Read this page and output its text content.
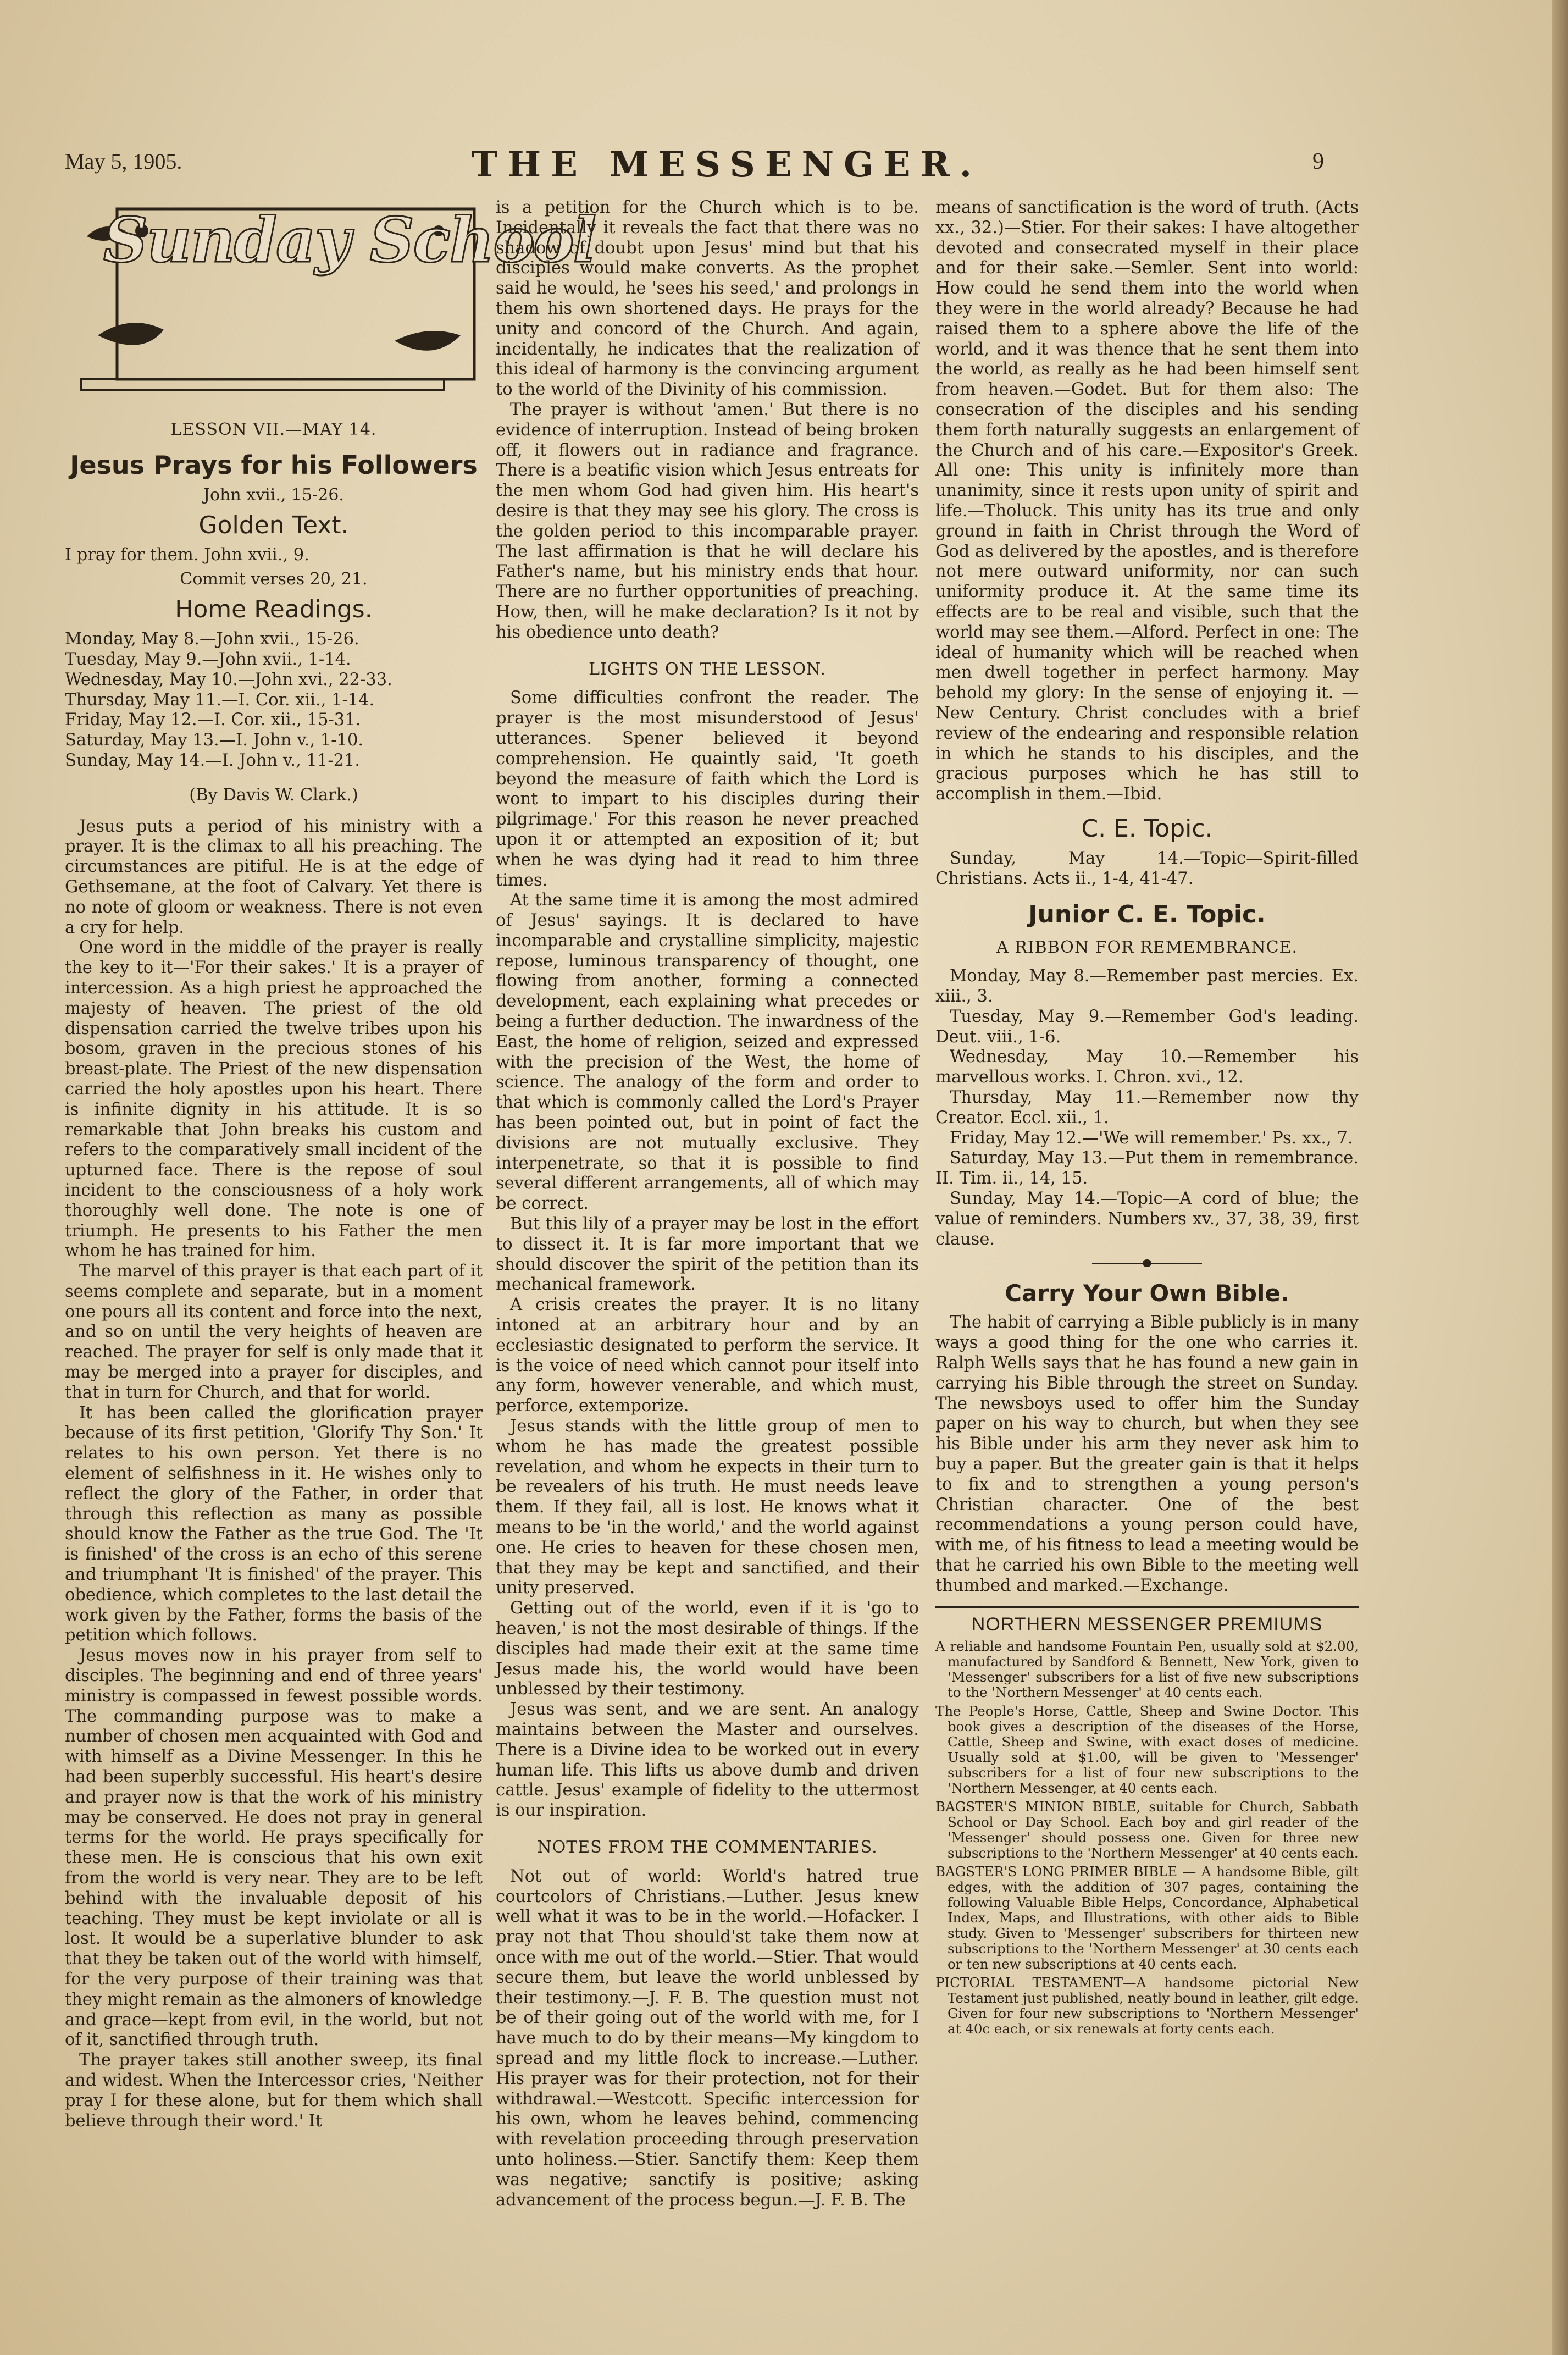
May 5, 1905.	THE MESSENGER.	9
Sunday School
LESSON VII.—MAY 14.
Jesus Prays for his Followers
John xvii., 15-26.
Golden Text.

I pray for them. John xvii., 9.

Commit verses 20, 21.
Home Readings.
Monday, May 8.—John xvii., 15-26.
Tuesday, May 9.—John xvii., 1-14.
Wednesday, May 10.—John xvi., 22-33.
Thursday, May 11.—I. Cor. xii., 1-14.
Friday, May 12.—I. Cor. xii., 15-31.
Saturday, May 13.—I. John v., 1-10.
Sunday, May 14.—I. John v., 11-21.
(By Davis W. Clark.)

Jesus puts a period of his ministry with a prayer. It is the climax to all his preaching. The circumstances are pitiful. He is at the edge of Gethsemane, at the foot of Calvary. Yet there is no note of gloom or weakness. There is not even a cry for help.

One word in the middle of the prayer is really the key to it—'For their sakes.' It is a prayer of intercession. As a high priest he approached the majesty of heaven. The priest of the old dispensation carried the twelve tribes upon his bosom, graven in the precious stones of his breast-plate. The Priest of the new dispensation carried the holy apostles upon his heart. There is infinite dignity in his attitude. It is so remarkable that John breaks his custom and refers to the comparatively small incident of the upturned face. There is the repose of soul incident to the consciousness of a holy work thoroughly well done. The note is one of triumph. He presents to his Father the men whom he has trained for him.

The marvel of this prayer is that each part of it seems complete and separate, but in a moment one pours all its content and force into the next, and so on until the very heights of heaven are reached. The prayer for self is only made that it may be merged into a prayer for disciples, and that in turn for Church, and that for world.

It has been called the glorification prayer because of its first petition, 'Glorify Thy Son.' It relates to his own person. Yet there is no element of selfishness in it. He wishes only to reflect the glory of the Father, in order that through this reflection as many as possible should know the Father as the true God. The 'It is finished' of the cross is an echo of this serene and triumphant 'It is finished' of the prayer. This obedience, which completes to the last detail the work given by the Father, forms the basis of the petition which follows.

Jesus moves now in his prayer from self to disciples. The beginning and end of three years' ministry is compassed in fewest possible words. The commanding purpose was to make a number of chosen men acquainted with God and with himself as a Divine Messenger. In this he had been superbly successful. His heart's desire and prayer now is that the work of his ministry may be conserved. He does not pray in general terms for the world. He prays specifically for these men. He is conscious that his own exit from the world is very near. They are to be left behind with the invaluable deposit of his teaching. They must be kept inviolate or all is lost. It would be a superlative blunder to ask that they be taken out of the world with himself, for the very purpose of their training was that they might remain as the almoners of knowledge and grace—kept from evil, in the world, but not of it, sanctified through truth.

The prayer takes still another sweep, its final and widest. When the Intercessor cries, 'Neither pray I for these alone, but for them which shall believe through their word.' It

is a petition for the Church which is to be. Incidentally it reveals the fact that there was no shadow of doubt upon Jesus' mind but that his disciples would make converts. As the prophet said he would, he 'sees his seed,' and prolongs in them his own shortened days. He prays for the unity and concord of the Church. And again, incidentally, he indicates that the realization of this ideal of harmony is the convincing argument to the world of the Divinity of his commission.

The prayer is without 'amen.' But there is no evidence of interruption. Instead of being broken off, it flowers out in radiance and fragrance. There is a beatific vision which Jesus entreats for the men whom God had given him. His heart's desire is that they may see his glory. The cross is the golden period to this incomparable prayer. The last affirmation is that he will declare his Father's name, but his ministry ends that hour. There are no further opportunities of preaching. How, then, will he make declaration? Is it not by his obedience unto death?

LIGHTS ON THE LESSON.

Some difficulties confront the reader. The prayer is the most misunderstood of Jesus' utterances. Spener believed it beyond comprehension. He quaintly said, 'It goeth beyond the measure of faith which the Lord is wont to impart to his disciples during their pilgrimage.' For this reason he never preached upon it or attempted an exposition of it; but when he was dying had it read to him three times.

At the same time it is among the most admired of Jesus' sayings. It is declared to have incomparable and crystalline simplicity, majestic repose, luminous transparency of thought, one flowing from another, forming a connected development, each explaining what precedes or being a further deduction. The inwardness of the East, the home of religion, seized and expressed with the precision of the West, the home of science. The analogy of the form and order to that which is commonly called the Lord's Prayer has been pointed out, but in point of fact the divisions are not mutually exclusive. They interpenetrate, so that it is possible to find several different arrangements, all of which may be correct.

But this lily of a prayer may be lost in the effort to dissect it. It is far more important that we should discover the spirit of the petition than its mechanical framework.

A crisis creates the prayer. It is no litany intoned at an arbitrary hour and by an ecclesiastic designated to perform the service. It is the voice of need which cannot pour itself into any form, however venerable, and which must, perforce, extemporize.

Jesus stands with the little group of men to whom he has made the greatest possible revelation, and whom he expects in their turn to be revealers of his truth. He must needs leave them. If they fail, all is lost. He knows what it means to be 'in the world,' and the world against one. He cries to heaven for these chosen men, that they may be kept and sanctified, and their unity preserved.

Getting out of the world, even if it is 'go to heaven,' is not the most desirable of things. If the disciples had made their exit at the same time Jesus made his, the world would have been unblessed by their testimony.

Jesus was sent, and we are sent. An analogy maintains between the Master and ourselves. There is a Divine idea to be worked out in every human life. This lifts us above dumb and driven cattle. Jesus' example of fidelity to the uttermost is our inspiration.

NOTES FROM THE COMMENTARIES.

Not out of world: World's hatred true courtcolors of Christians.—Luther. Jesus knew well what it was to be in the world.—Hofacker. I pray not that Thou should'st take them now at once with me out of the world.—Stier. That would secure them, but leave the world unblessed by their testimony.—J. F. B. The question must not be of their going out of the world with me, for I have much to do by their means—My kingdom to spread and my little flock to increase.—Luther. His prayer was for their protection, not for their withdrawal.—Westcott. Specific intercession for his own, whom he leaves behind, commencing with revelation proceeding through preservation unto holiness.—Stier. Sanctify them: Keep them was negative; sanctify is positive; asking advancement of the process begun.—J. F. B. The

means of sanctification is the word of truth. (Acts xx., 32.)—Stier. For their sakes: I have altogether devoted and consecrated myself in their place and for their sake.—Semler. Sent into world: How could he send them into the world when they were in the world already? Because he had raised them to a sphere above the life of the world, and it was thence that he sent them into the world, as really as he had been himself sent from heaven.—Godet. But for them also: The consecration of the disciples and his sending them forth naturally suggests an enlargement of the Church and of his care.—Expositor's Greek. All one: This unity is infinitely more than unanimity, since it rests upon unity of spirit and life.—Tholuck. This unity has its true and only ground in faith in Christ through the Word of God as delivered by the apostles, and is therefore not mere outward uniformity, nor can such uniformity produce it. At the same time its effects are to be real and visible, such that the world may see them.—Alford. Perfect in one: The ideal of humanity which will be reached when men dwell together in perfect harmony. May behold my glory: In the sense of enjoying it. —New Century. Christ concludes with a brief review of the endearing and responsible relation in which he stands to his disciples, and the gracious purposes which he has still to accomplish in them.—Ibid.

C. E. Topic.

Sunday, May 14.—Topic—Spirit-filled Christians. Acts ii., 1-4, 41-47.

Junior C. E. Topic.
A RIBBON FOR REMEMBRANCE.

Monday, May 8.—Remember past mercies. Ex. xiii., 3.

Tuesday, May 9.—Remember God's leading. Deut. viii., 1-6.

Wednesday, May 10.—Remember his marvellous works. I. Chron. xvi., 12.

Thursday, May 11.—Remember now thy Creator. Eccl. xii., 1.

Friday, May 12.—'We will remember.' Ps. xx., 7.

Saturday, May 13.—Put them in remembrance. II. Tim. ii., 14, 15.

Sunday, May 14.—Topic—A cord of blue; the value of reminders. Numbers xv., 37, 38, 39, first clause.

Carry Your Own Bible.

The habit of carrying a Bible publicly is in many ways a good thing for the one who carries it. Ralph Wells says that he has found a new gain in carrying his Bible through the street on Sunday. The newsboys used to offer him the Sunday paper on his way to church, but when they see his Bible under his arm they never ask him to buy a paper. But the greater gain is that it helps to fix and to strengthen a young person's Christian character. One of the best recommendations a young person could have, with me, of his fitness to lead a meeting would be that he carried his own Bible to the meeting well thumbed and marked.—Exchange.

NORTHERN MESSENGER PREMIUMS
A reliable and handsome Fountain Pen, usually sold at $2.00, manufactured by Sandford & Bennett, New York, given to 'Messenger' subscribers for a list of five new subscriptions to the 'Northern Messenger' at 40 cents each.
The People's Horse, Cattle, Sheep and Swine Doctor. This book gives a description of the diseases of the Horse, Cattle, Sheep and Swine, with exact doses of medicine. Usually sold at $1.00, will be given to 'Messenger' subscribers for a list of four new subscriptions to the 'Northern Messenger, at 40 cents each.
BAGSTER'S MINION BIBLE, suitable for Church, Sabbath School or Day School. Each boy and girl reader of the 'Messenger' should possess one. Given for three new subscriptions to the 'Northern Messenger' at 40 cents each.
BAGSTER'S LONG PRIMER BIBLE — A handsome Bible, gilt edges, with the addition of 307 pages, containing the following Valuable Bible Helps, Concordance, Alphabetical Index, Maps, and Illustrations, with other aids to Bible study. Given to 'Messenger' subscribers for thirteen new subscriptions to the 'Northern Messenger' at 30 cents each or ten new subscriptions at 40 cents each.
PICTORIAL TESTAMENT—A handsome pictorial New Testament just published, neatly bound in leather, gilt edge. Given for four new subscriptions to 'Northern Messenger' at 40c each, or six renewals at forty cents each.
